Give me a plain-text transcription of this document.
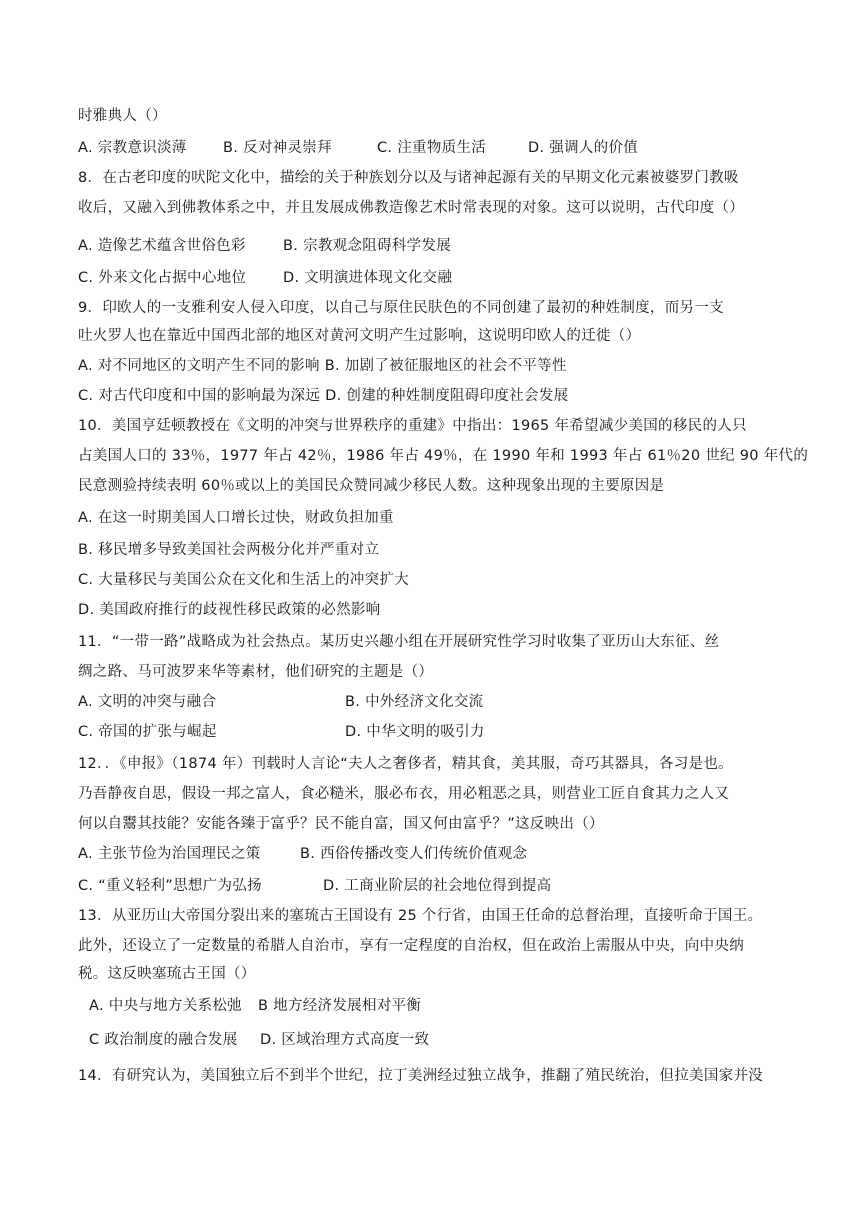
时雅典人（）
A. 宗教意识淡薄	B. 反对神灵崇拜	C. 注重物质生活	D. 强调人的价值
8．在古老印度的吠陀文化中，描绘的关于种族划分以及与诸神起源有关的早期文化元素被婆罗门教吸
收后，又融入到佛教体系之中，并且发展成佛教造像艺术时常表现的对象。这可以说明，古代印度（）
A. 造像艺术蕴含世俗色彩	B. 宗教观念阻碍科学发展
C. 外来文化占据中心地位	D. 文明演进体现文化交融
9．印欧人的一支雅利安人侵入印度，以自己与原住民肤色的不同创建了最初的种姓制度，而另一支
吐火罗人也在靠近中国西北部的地区对黄河文明产生过影响，这说明印欧人的迁徙（）
A. 对不同地区的文明产生不同的影响 B. 加剧了被征服地区的社会不平等性
C. 对古代印度和中国的影响最为深远 D. 创建的种姓制度阻碍印度社会发展
10．美国亨廷顿教授在《文明的冲突与世界秩序的重建》中指出：1965 年希望减少美国的移民的人只
占美国人口的 33％，1977 年占 42％，1986 年占 49％，在 1990 年和 1993 年占 61％20 世纪 90 年代的
民意测验持续表明 60％或以上的美国民众赞同减少移民人数。这种现象出现的主要原因是
A. 在这一时期美国人口增长过快，财政负担加重
B. 移民增多导致美国社会两极分化并严重对立
C. 大量移民与美国公众在文化和生活上的冲突扩大
D. 美国政府推行的歧视性移民政策的必然影响
11．“一带一路”战略成为社会热点。某历史兴趣小组在开展研究性学习时收集了亚历山大东征、丝
绸之路、马可波罗来华等素材，他们研究的主题是（）
A. 文明的冲突与融合	B. 中外经济文化交流
C. 帝国的扩张与崛起	D. 中华文明的吸引力
12．．《申报》（1874 年）刊载时人言论“夫人之奢侈者，精其食，美其服，奇巧其器具，各习是也。
乃吾静夜自思，假设一邦之富人，食必糙米，服必布衣，用必粗恶之具，则营业工匠自食其力之人又
何以自鬻其技能？安能各臻于富乎？民不能自富，国又何由富乎？”这反映出（）
A. 主张节俭为治国理民之策	B. 西俗传播改变人们传统价值观念
C. “重义轻利”思想广为弘扬	D. 工商业阶层的社会地位得到提高
13．从亚历山大帝国分裂出来的塞琉古王国设有 25 个行省，由国王任命的总督治理，直接听命于国王。
此外，还设立了一定数量的希腊人自治市，享有一定程度的自治权，但在政治上需服从中央，向中央纳
税。这反映塞琉古王国（）
A. 中央与地方关系松弛 B 地方经济发展相对平衡
C 政治制度的融合发展 D. 区域治理方式高度一致
14．有研究认为，美国独立后不到半个世纪，拉丁美洲经过独立战争，推翻了殖民统治，但拉美国家并没
